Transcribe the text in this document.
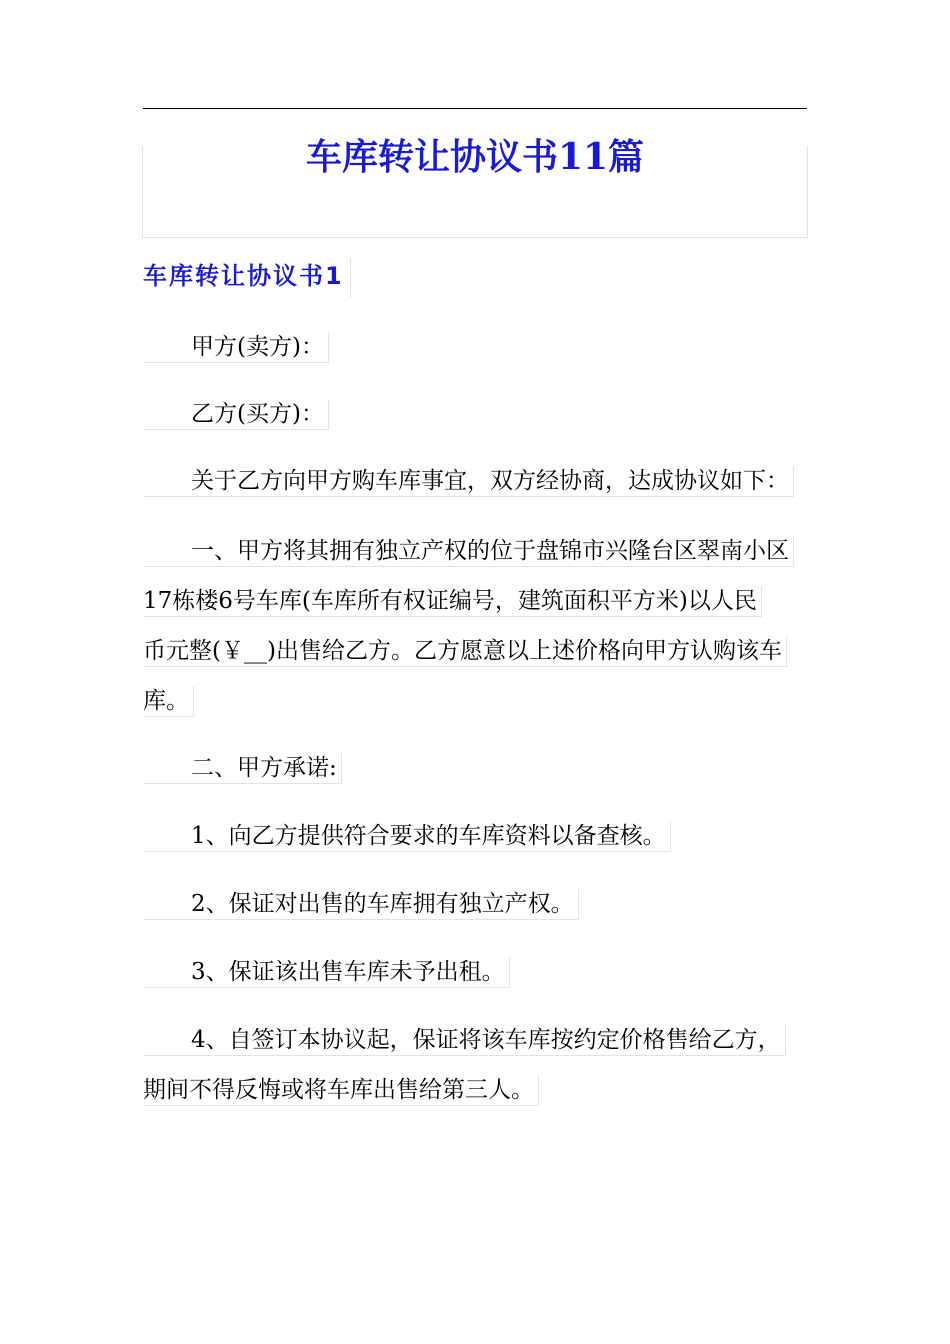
车库转让协议书11篇
车库转让协议书1
甲方(卖方)：
乙方(买方)：
关于乙方向甲方购车库事宜，双方经协商，达成协议如下：
一、甲方将其拥有独立产权的位于盘锦市兴隆台区翠南小区
17栋楼6号车库(车库所有权证编号，建筑面积平方米)以人民
币元整(￥__)出售给乙方。乙方愿意以上述价格向甲方认购该车
库。
二、甲方承诺:
1、向乙方提供符合要求的车库资料以备查核。
2、保证对出售的车库拥有独立产权。
3、保证该出售车库未予出租。
4、自签订本协议起，保证将该车库按约定价格售给乙方，
期间不得反悔或将车库出售给第三人。
